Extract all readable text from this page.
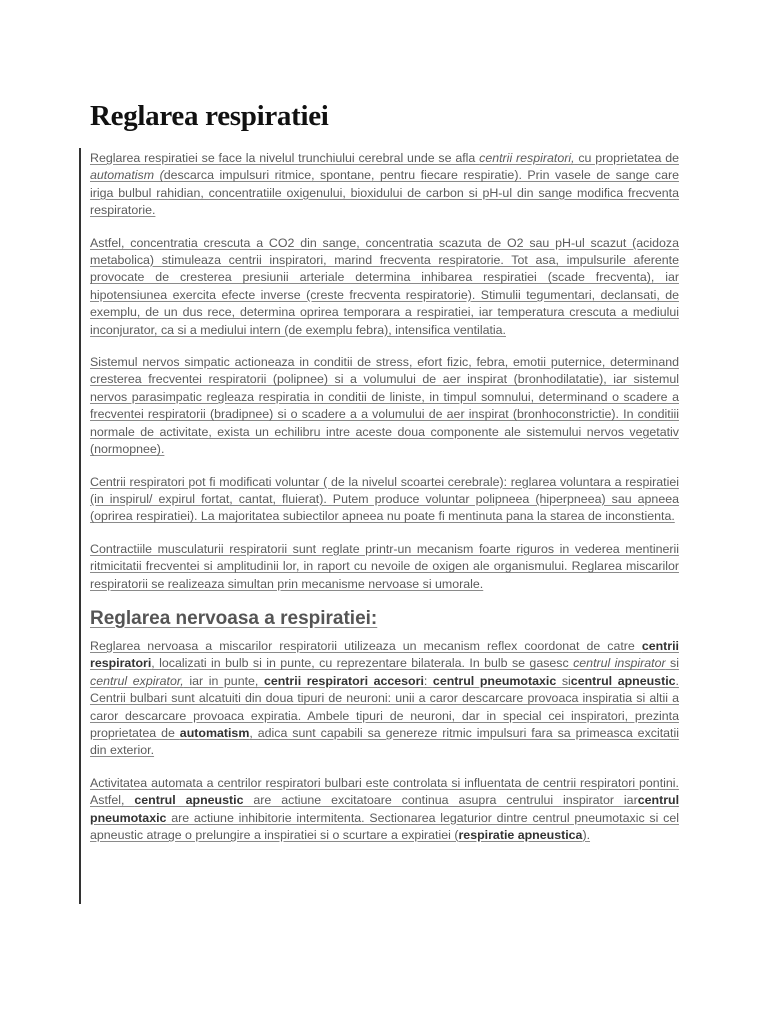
Reglarea respiratiei

Reglarea respiratiei se face la nivelul trunchiului cerebral unde se afla centrii respiratori, cu proprietatea de automatism (descarca impulsuri ritmice, spontane, pentru fiecare respiratie). Prin vasele de sange care iriga bulbul rahidian, concentratiile oxigenului, bioxidului de carbon si pH-ul din sange modifica frecventa respiratorie.

Astfel, concentratia crescuta a CO2 din sange, concentratia scazuta de O2 sau pH-ul scazut (acidoza metabolica) stimuleaza centrii inspiratori, marind frecventa respiratorie. Tot asa, impulsurile aferente provocate de cresterea presiunii arteriale determina inhibarea respiratiei (scade frecventa), iar hipotensiunea exercita efecte inverse (creste frecventa respiratorie). Stimulii tegumentari, declansati, de exemplu, de un dus rece, determina oprirea temporara a respiratiei, iar temperatura crescuta a mediului inconjurator, ca si a mediului intern (de exemplu febra), intensifica ventilatia.

Sistemul nervos simpatic actioneaza in conditii de stress, efort fizic, febra, emotii puternice, determinand cresterea frecventei respiratorii (polipnee) si a volumului de aer inspirat (bronhodilatatie), iar sistemul nervos parasimpatic regleaza respiratia in conditii de liniste, in timpul somnului, determinand o scadere a frecventei respiratorii (bradipnee) si o scadere a a volumului de aer inspirat (bronhoconstrictie). In conditiii normale de activitate, exista un echilibru intre aceste doua componente ale sistemului nervos vegetativ (normopnee).

Centrii respiratori pot fi modificati voluntar ( de la nivelul scoartei cerebrale): reglarea voluntara a respiratiei (in inspirul/ expirul fortat, cantat, fluierat). Putem produce voluntar polipneea (hiperpneea) sau apneea (oprirea respiratiei). La majoritatea subiectilor apneea nu poate fi mentinuta pana la starea de inconstienta.

Contractiile musculaturii respiratorii sunt reglate printr-un mecanism foarte riguros in vederea mentinerii ritmicitatii frecventei si amplitudinii lor, in raport cu nevoile de oxigen ale organismului. Reglarea miscarilor respiratorii se realizeaza simultan prin mecanisme nervoase si umorale.

Reglarea nervoasa a respiratiei:

Reglarea nervoasa a miscarilor respiratorii utilizeaza un mecanism reflex coordonat de catre centrii respiratori, localizati in bulb si in punte, cu reprezentare bilaterala. In bulb se gasesc centrul inspirator si centrul expirator, iar in punte, centrii respiratori accesori: centrul pneumotaxic sicentrul apneustic. Centrii bulbari sunt alcatuiti din doua tipuri de neuroni: unii a caror descarcare provoaca inspiratia si altii a caror descarcare provoaca expiratia. Ambele tipuri de neuroni, dar in special cei inspiratori, prezinta proprietatea de automatism, adica sunt capabili sa genereze ritmic impulsuri fara sa primeasca excitatii din exterior.

Activitatea automata a centrilor respiratori bulbari este controlata si influentata de centrii respiratori pontini. Astfel, centrul apneustic are actiune excitatoare continua asupra centrului inspirator iarcentrul pneumotaxic are actiune inhibitorie intermitenta. Sectionarea legaturior dintre centrul pneumotaxic si cel apneustic atrage o prelungire a inspiratiei si o scurtare a expiratiei (respiratie apneustica).
